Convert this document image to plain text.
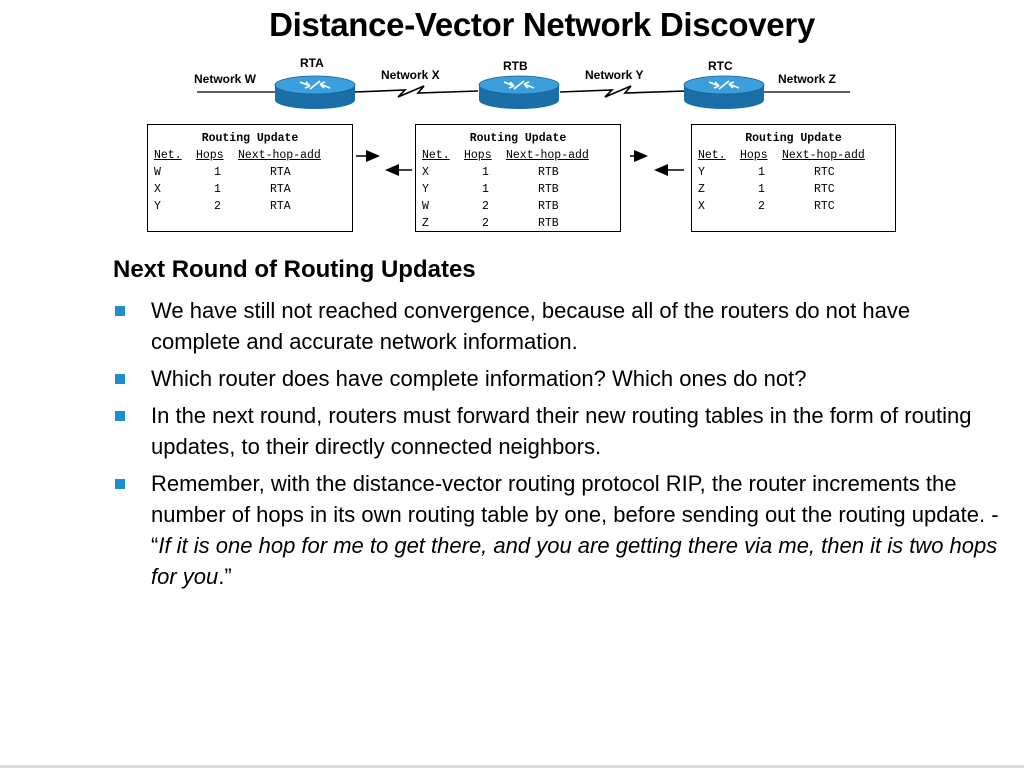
Distance-Vector Network Discovery
RTA	RTB	RTC
Network W	Network X	Network Y	Network Z
Routing Update
Net. Hops Next-hop-add
W	1	RTA
X	1	RTA
Y	2	RTA
Routing Update
Net. Hops Next-hop-add
X	1	RTB
Y	1	RTB
W	2	RTB
Z	2	RTB
Routing Update
Net. Hops Next-hop-add
Y	1	RTC
Z	1	RTC
X	2	RTC
Next Round of Routing Updates
We have still not reached convergence, because all of the routers do not have complete and accurate network information.
Which router does have complete information? Which ones do not?
In the next round, routers must forward their new routing tables in the form of routing updates, to their directly connected neighbors.
Remember, with the distance-vector routing protocol RIP, the router increments the number of hops in its own routing table by one, before sending out the routing update. - “If it is one hop for me to get there, and you are getting there via me, then it is two hops for you.”
